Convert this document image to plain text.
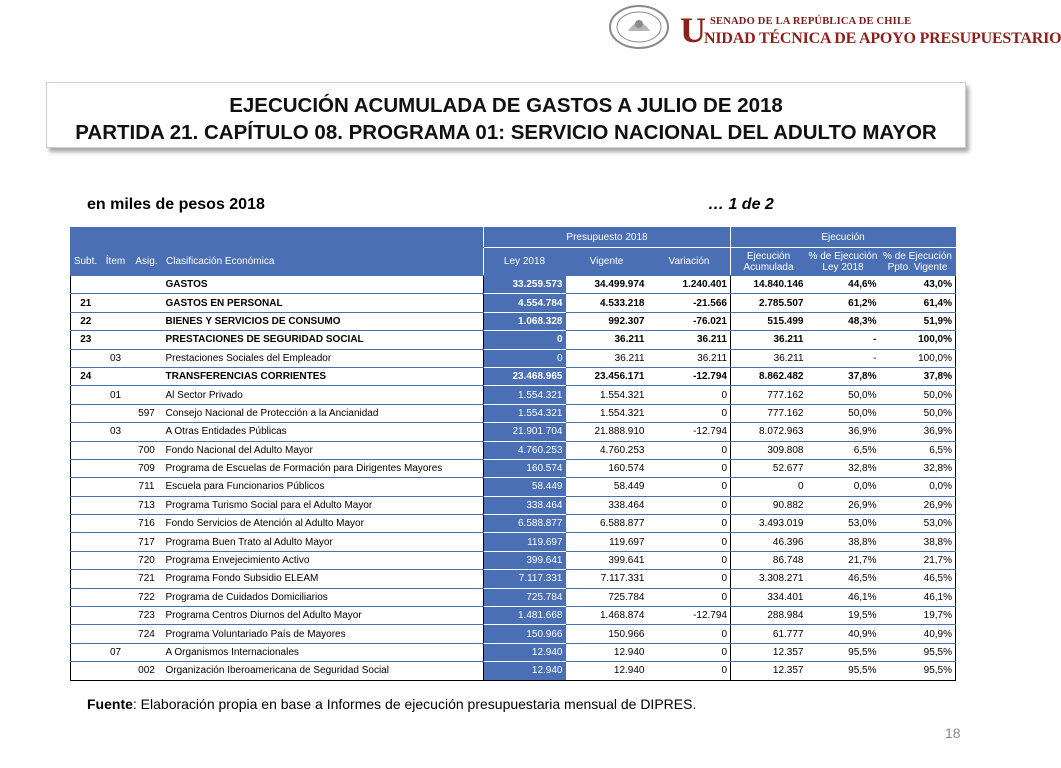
U SENADO DE LA REPÚBLICA DE CHILE
NIDAD TÉCNICA DE APOYO PRESUPUESTARIO
EJECUCIÓN ACUMULADA DE GASTOS A JULIO DE 2018
PARTIDA 21. CAPÍTULO 08. PROGRAMA 01: SERVICIO NACIONAL DEL ADULTO MAYOR
en miles de pesos 2018	… 1 de 2
				Presupuesto 2018			Ejecución		
Subt.	Ítem	Asig.	Clasificación Económica	Ley 2018	Vigente	Variación	Ejecución Acumulada	% de Ejecución Ley 2018	% de Ejecución Ppto. Vigente
			GASTOS	33.259.573	34.499.974	1.240.401	14.840.146	44,6%	43,0%
21			GASTOS EN PERSONAL	4.554.784	4.533.218	-21.566	2.785.507	61,2%	61,4%
22			BIENES Y SERVICIOS DE CONSUMO	1.068.328	992.307	-76.021	515.499	48,3%	51,9%
23			PRESTACIONES DE SEGURIDAD SOCIAL	0	36.211	36.211	36.211	-	100,0%
	03		Prestaciones Sociales del Empleador	0	36.211	36.211	36.211	-	100,0%
24			TRANSFERENCIAS CORRIENTES	23.468.965	23.456.171	-12.794	8.862.482	37,8%	37,8%
	01		Al Sector Privado	1.554.321	1.554.321	0	777.162	50,0%	50,0%
		597	Consejo Nacional de Protección a la Ancianidad	1.554.321	1.554.321	0	777.162	50,0%	50,0%
	03		A Otras Entidades Públicas	21.901.704	21.888.910	-12.794	8.072.963	36,9%	36,9%
		700	Fondo Nacional del Adulto Mayor	4.760.253	4.760.253	0	309.808	6,5%	6,5%
		709	Programa de Escuelas de Formación para Dirigentes Mayores	160.574	160.574	0	52.677	32,8%	32,8%
		711	Escuela para Funcionarios Públicos	58.449	58.449	0	0	0,0%	0,0%
		713	Programa Turismo Social para el Adulto Mayor	338.464	338.464	0	90.882	26,9%	26,9%
		716	Fondo Servicios de Atención al Adulto Mayor	6.588.877	6.588.877	0	3.493.019	53,0%	53,0%
		717	Programa Buen Trato al Adulto Mayor	119.697	119.697	0	46.396	38,8%	38,8%
		720	Programa Envejecimiento Activo	399.641	399.641	0	86.748	21,7%	21,7%
		721	Programa Fondo Subsidio ELEAM	7.117.331	7.117.331	0	3.308.271	46,5%	46,5%
		722	Programa de Cuidados Domiciliarios	725.784	725.784	0	334.401	46,1%	46,1%
		723	Programa Centros Diurnos del Adulto Mayor	1.481.668	1.468.874	-12.794	288.984	19,5%	19,7%
		724	Programa Voluntariado País de Mayores	150.966	150.966	0	61.777	40,9%	40,9%
	07		A Organismos Internacionales	12.940	12.940	0	12.357	95,5%	95,5%
		002	Organización Iberoamericana de Seguridad Social	12.940	12.940	0	12.357	95,5%	95,5%
Fuente: Elaboración propia en base a Informes de ejecución presupuestaria mensual de DIPRES.
18
